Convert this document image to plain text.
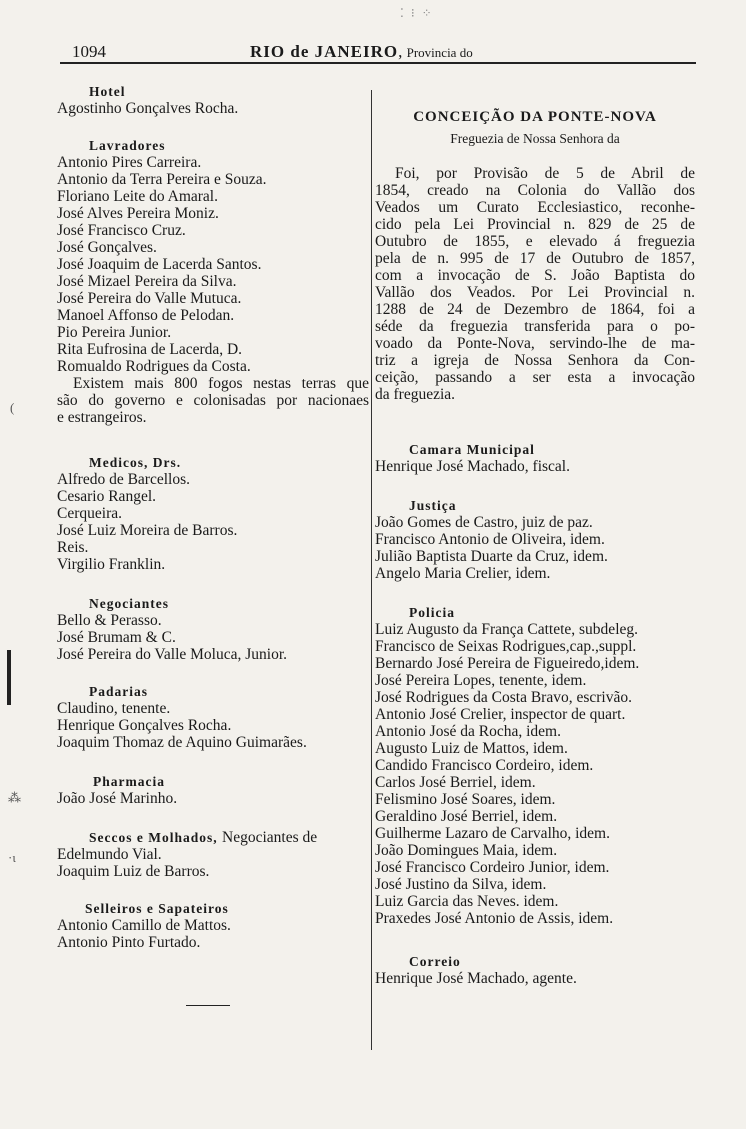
⁚ ⁝ ⁘
1094	RIO de JANEIRO, Provincia do
Hotel
Agostinho Gonçalves Rocha.
Lavradores
Antonio Pires Carreira.
Antonio da Terra Pereira e Souza.
Floriano Leite do Amaral.
José Alves Pereira Moniz.
José Francisco Cruz.
José Gonçalves.
José Joaquim de Lacerda Santos.
José Mizael Pereira da Silva.
José Pereira do Valle Mutuca.
Manoel Affonso de Pelodan.
Pio Pereira Junior.
Rita Eufrosina de Lacerda, D.
Romualdo Rodrigues da Costa.
Existem mais 800 fogos nestas terras que
são do governo e colonisadas por nacionaes
e estrangeiros.
Medicos, Drs.
Alfredo de Barcellos.
Cesario Rangel.
Cerqueira.
José Luiz Moreira de Barros.
Reis.
Virgilio Franklin.
Negociantes
Bello & Perasso.
José Brumam & C.
José Pereira do Valle Moluca, Junior.
Padarias
Claudino, tenente.
Henrique Gonçalves Rocha.
Joaquim Thomaz de Aquino Guimarães.
Pharmacia
João José Marinho.
Seccos e Molhados, Negociantes de
Edelmundo Vial.
Joaquim Luiz de Barros.
Selleiros e Sapateiros
Antonio Camillo de Mattos.
Antonio Pinto Furtado.
CONCEIÇÃO DA PONTE-NOVA
Freguezia de Nossa Senhora da
Foi, por Provisão de 5 de Abril de
1854, creado na Colonia do Vallão dos
Veados um Curato Ecclesiastico, reconhe-
cido pela Lei Provincial n. 829 de 25 de
Outubro de 1855, e elevado á freguezia
pela de n. 995 de 17 de Outubro de 1857,
com a invocação de S. João Baptista do
Vallão dos Veados. Por Lei Provincial n.
1288 de 24 de Dezembro de 1864, foi a
séde da freguezia transferida para o po-
voado da Ponte-Nova, servindo-lhe de ma-
triz a igreja de Nossa Senhora da Con-
ceição, passando a ser esta a invocação
da freguezia.
Camara Municipal
Henrique José Machado, fiscal.
Justiça
João Gomes de Castro, juiz de paz.
Francisco Antonio de Oliveira, idem.
Julião Baptista Duarte da Cruz, idem.
Angelo Maria Crelier, idem.
Policia
Luiz Augusto da França Cattete, subdeleg.
Francisco de Seixas Rodrigues,cap.,suppl.
Bernardo José Pereira de Figueiredo,idem.
José Pereira Lopes, tenente, idem.
José Rodrigues da Costa Bravo, escrivão.
Antonio José Crelier, inspector de quart.
Antonio José da Rocha, idem.
Augusto Luiz de Mattos, idem.
Candido Francisco Cordeiro, idem.
Carlos José Berriel, idem.
Felismino José Soares, idem.
Geraldino José Berriel, idem.
Guilherme Lazaro de Carvalho, idem.
João Domingues Maia, idem.
José Francisco Cordeiro Junior, idem.
José Justino da Silva, idem.
Luiz Garcia das Neves. idem.
Praxedes José Antonio de Assis, idem.
Correio
Henrique José Machado, agente.
(
⁂
·ɩ
